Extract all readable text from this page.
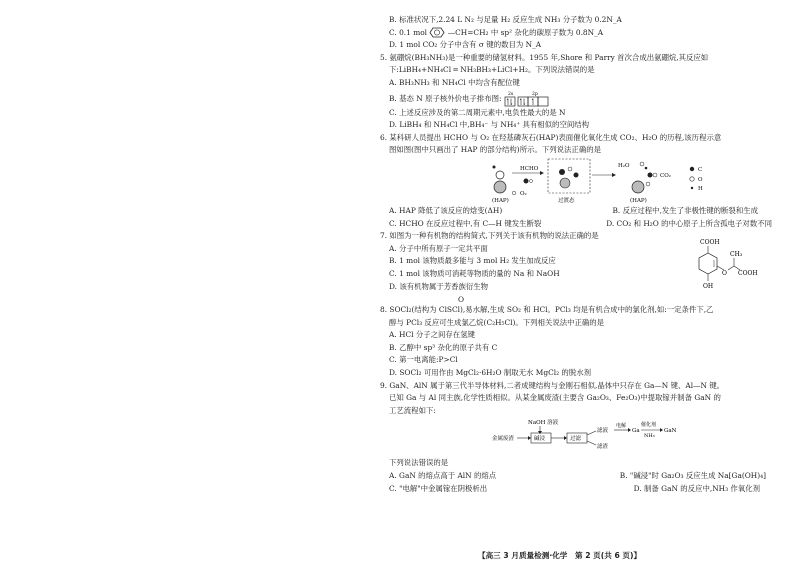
B. 标准状况下,2.24 L N₂ 与足量 H₂ 反应生成 NH₃ 分子数为 0.2N_A
C. 0.1 mol	—CH=CH₂ 中 sp² 杂化的碳原子数为 0.8N_A
D. 1 mol CO₂ 分子中含有 σ 键的数目为 N_A
5. 氨硼烷(BH₃NH₃)是一种重要的储氢材料。1955 年,Shore 和 Parry 首次合成出氨硼烷,其反应如
下:LiBH₄+NH₄Cl ═ NH₃BH₃+LiCl+H₂。下列说法错误的是
A. BH₃NH₃ 和 NH₄Cl 中均含有配位键
B. 基态 N 原子核外价电子排布图: 2s	2p
C. 上述反应涉及的第二周期元素中,电负性最大的是 N
D. LiBH₄ 和 NH₄Cl 中,BH₄⁻ 与 NH₄⁺ 具有相似的空间结构
6. 某科研人员提出 HCHO 与 O₂ 在羟基磷灰石(HAP)表面催化氧化生成 CO₂、H₂O 的历程,该历程示意
图如图(图中只画出了 HAP 的部分结构)所示。下列说法正确的是
(HAP)
HCHO
O₂
过渡态
H₂O
CO₂
(HAP)
C
O
H
A. HAP 降低了该反应的焓变(ΔH)	B. 反应过程中,发生了非极性键的断裂和生成
C. HCHO 在反应过程中,有 C—H 键发生断裂	D. CO₂ 和 H₂O 的中心原子上所含孤电子对数不同
7. 如图为一种有机物的结构简式,下列关于该有机物的说法正确的是
A. 分子中所有原子一定共平面
B. 1 mol 该物质最多能与 3 mol H₂ 发生加成反应
C. 1 mol 该物质可消耗等物质的量的 Na 和 NaOH
D. 该有机物属于芳香族衍生物
COOH
O
CH₃
COOH
OH
O
8. SOCl₂(结构为 ClSCl),易水解,生成 SO₂ 和 HCl。PCl₃ 均是有机合成中的氯化剂,如:一定条件下,乙
醇与 PCl₃ 反应可生成氯乙烷(C₂H₅Cl)。下列相关说法中正确的是
A. HCl 分子之间存在氢键
B. 乙醇中 sp³ 杂化的原子共有 C
C. 第一电离能:P>Cl
D. SOCl₂ 可用作由 MgCl₂·6H₂O 制取无水 MgCl₂ 的脱水剂
9. GaN、AlN 属于第三代半导体材料,二者成键结构与金刚石相似,晶体中只存在 Ga—N 键、Al—N 键。
已知 Ga 与 Al 同主族,化学性质相似。从某金属废渣(主要含 Ga₂O₃、Fe₂O₃)中提取镓并制备 GaN 的
工艺流程如下:
NaOH 溶液
金属废渣	碱浸	过滤
滤液
电解
Ga
催化剂
NH₃
GaN
滤渣
下列说法错误的是
A. GaN 的熔点高于 AlN 的熔点	B. "碱浸"时 Ga₂O₃ 反应生成 Na[Ga(OH)₄]
C. "电解"中金属镓在阴极析出	D. 制备 GaN 的反应中,NH₃ 作氧化剂
【高三 3 月质量检测·化学　第 2 页(共 6 页)】
